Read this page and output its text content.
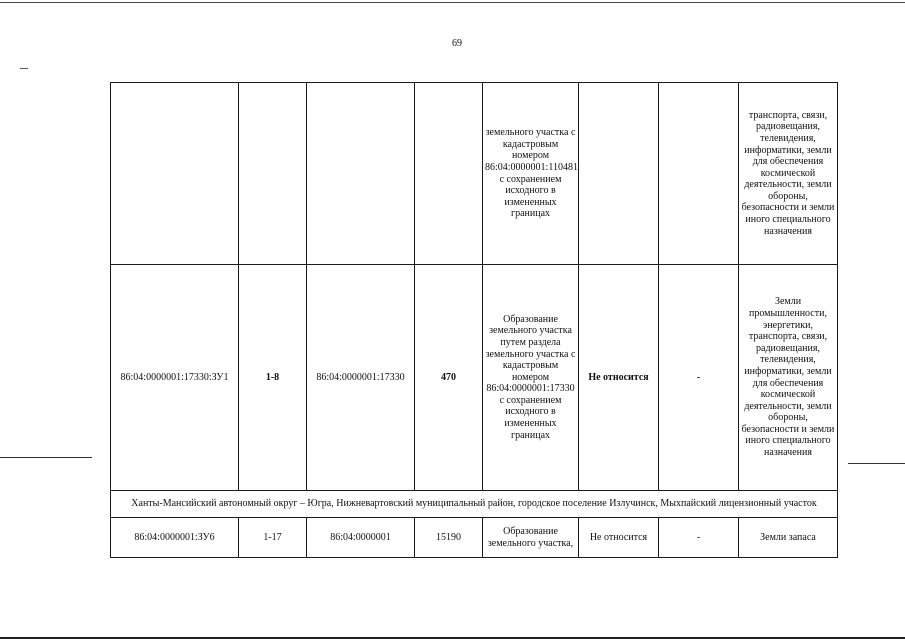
69
				земельного участка с кадастровым номером 86:04:0000001:110481 с сохранением исходного в измененных границах			транспорта, связи, радиовещания, телевидения, информатики, земли для обеспечения космической деятельности, земли обороны, безопасности и земли иного специального назначения
86:04:0000001:17330:ЗУ1	1-8	86:04:0000001:17330	470	Образование земельного участка путем раздела земельного участка с кадастровым номером 86:04:0000001:17330 с сохранением исходного в измененных границах	Не относится	-	Земли промышленности, энергетики, транспорта, связи, радиовещания, телевидения, информатики, земли для обеспечения космической деятельности, земли обороны, безопасности и земли иного специального назначения
Ханты-Мансийский автономный округ – Югра, Нижневартовский муниципальный район, городское поселение Излучинск, Мыхпайский лицензионный участок							
86:04:0000001:ЗУ6	1-17	86:04:0000001	15190	Образование земельного участка,	Не относится	-	Земли запаса
